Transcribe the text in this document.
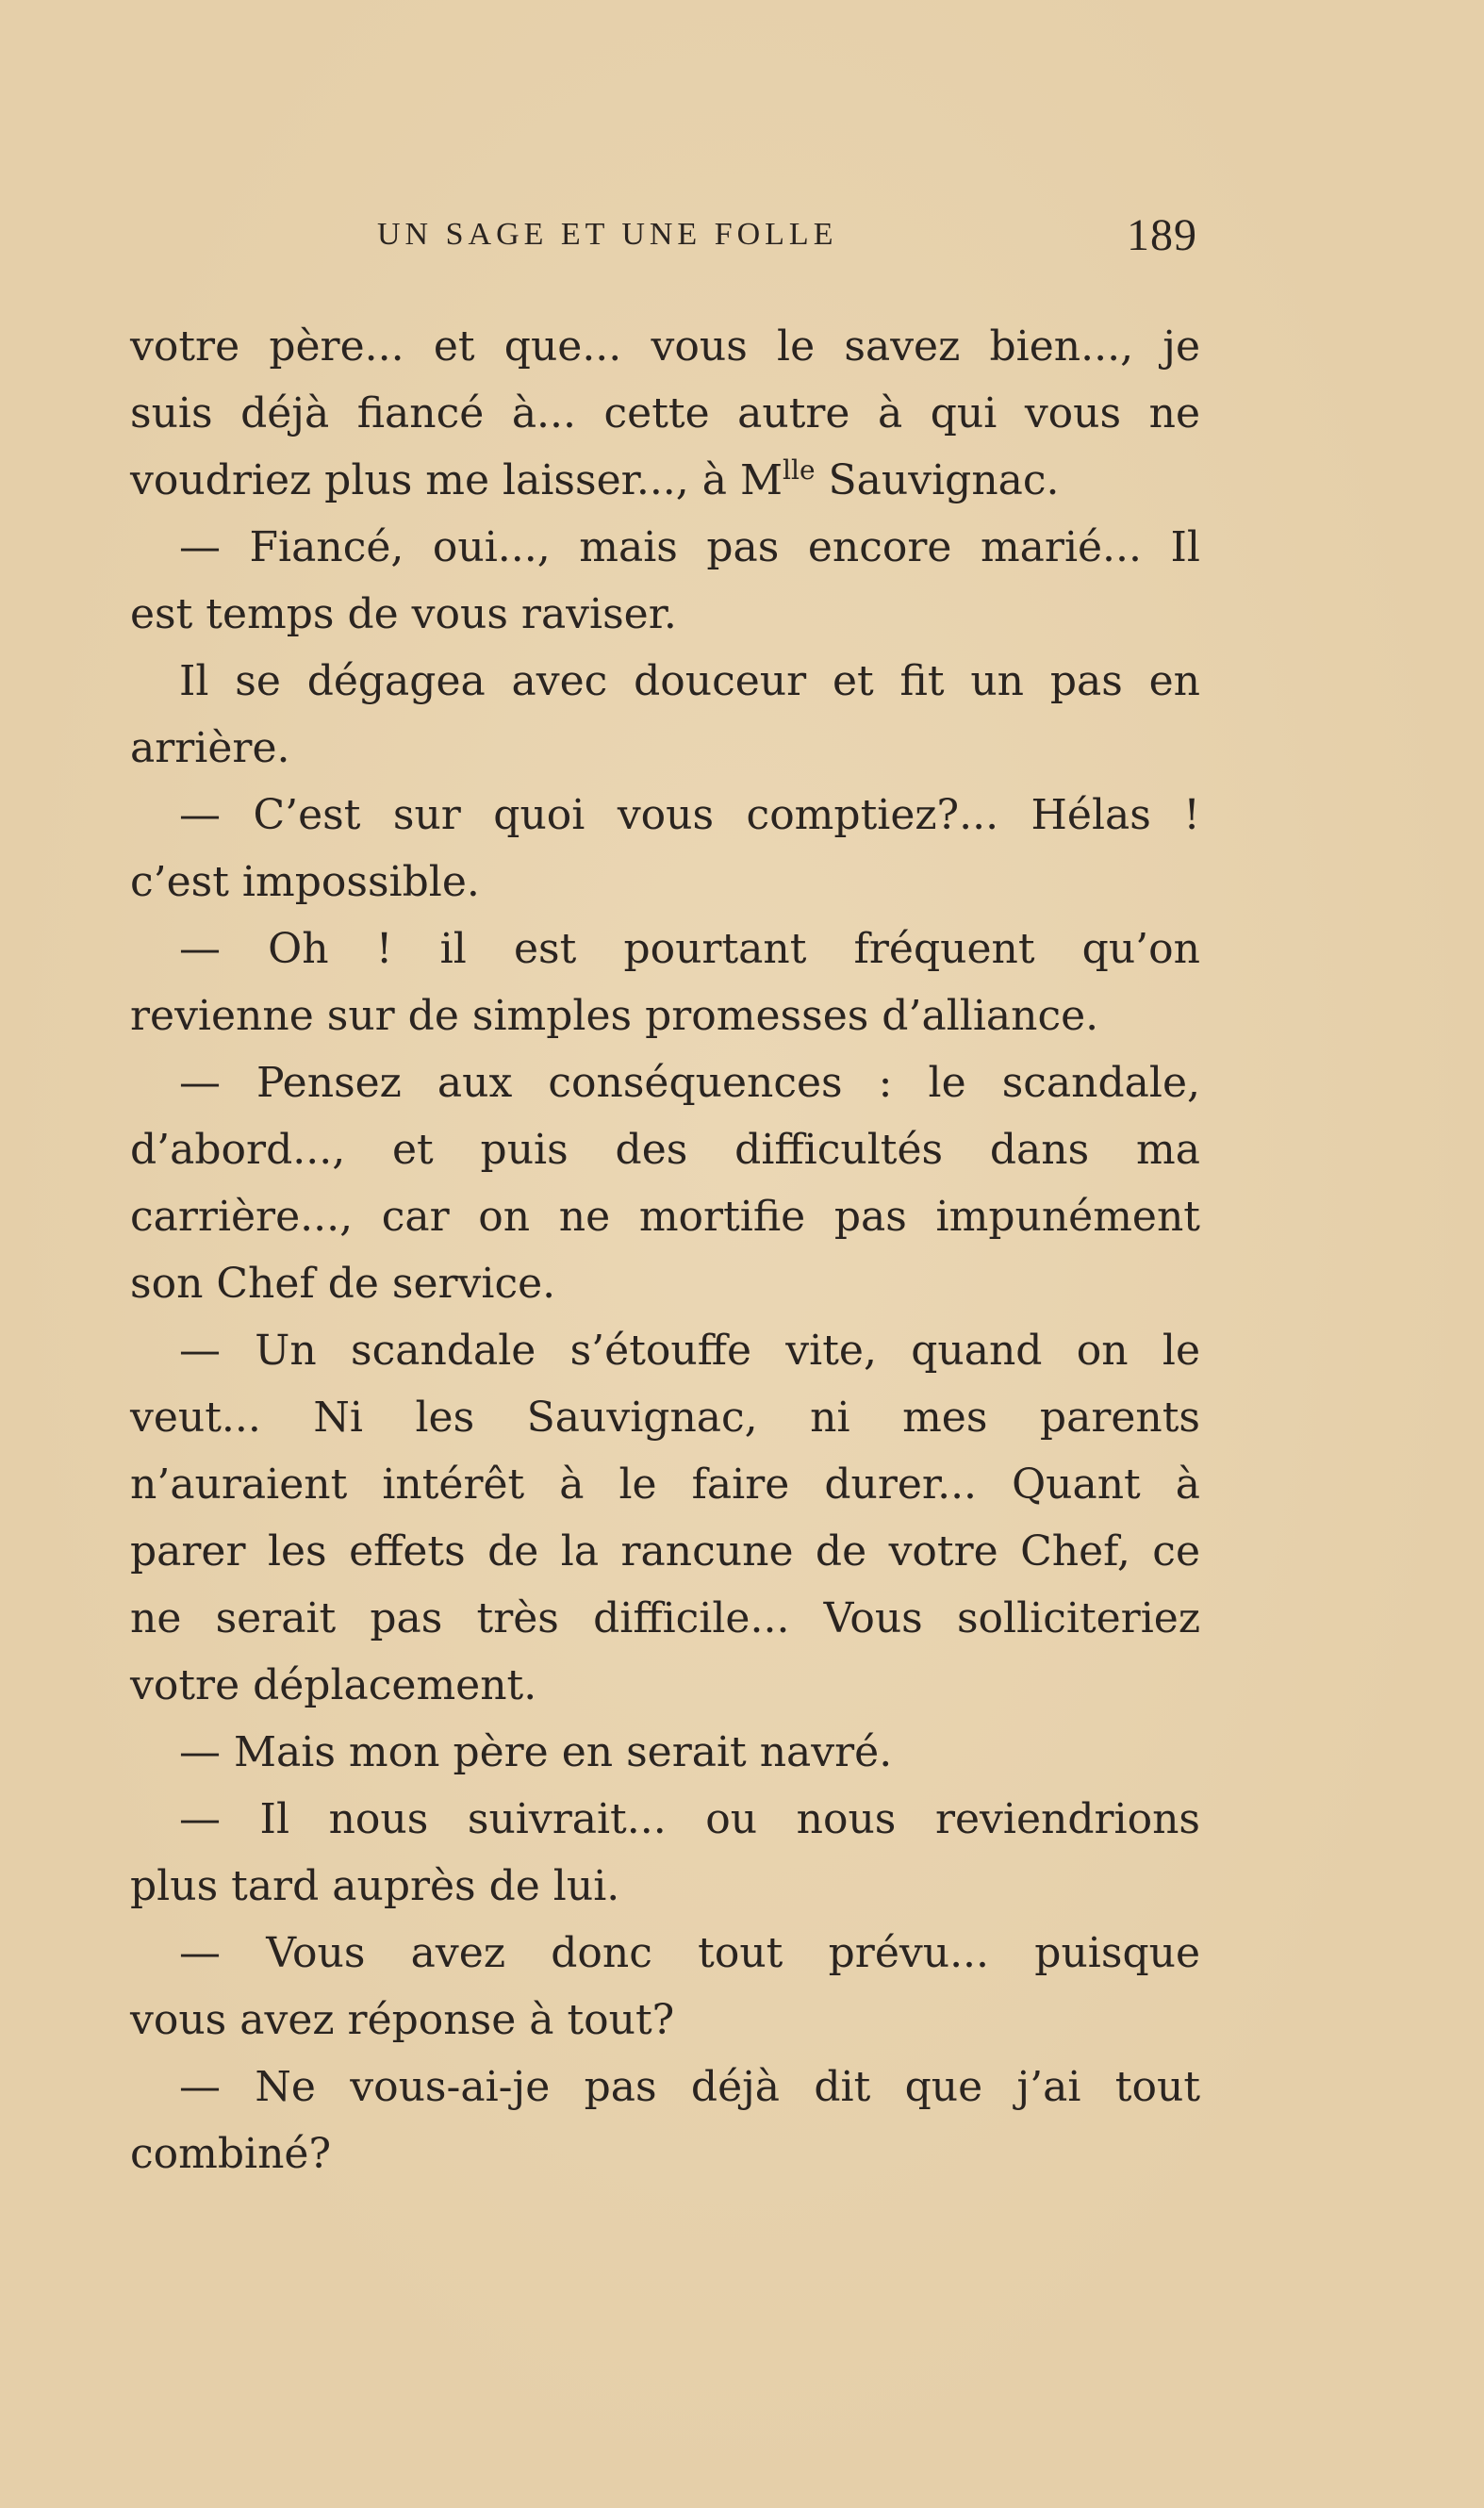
UN SAGE ET UNE FOLLE	189

votre père... et que... vous le savez bien..., je
suis déjà fiancé à... cette autre à qui vous ne
voudriez plus me laisser..., à $M^{lle}$ Sauvignac.

— Fiancé, oui..., mais pas encore marié... Il
est temps de vous raviser.

Il se dégagea avec douceur et fit un pas en
arrière.

— C’est sur quoi vous comptiez?... Hélas !
c’est impossible.

— Oh ! il est pourtant fréquent qu’on
revienne sur de simples promesses d’alliance.

— Pensez aux conséquences : le scandale,
d’abord..., et puis des difficultés dans ma
carrière..., car on ne mortifie pas impunément
son Chef de service.

— Un scandale s’étouffe vite, quand on le
veut... Ni les Sauvignac, ni mes parents
n’auraient intérêt à le faire durer... Quant à
parer les effets de la rancune de votre Chef, ce
ne serait pas très difficile... Vous solliciteriez
votre déplacement.

— Mais mon père en serait navré.

— Il nous suivrait... ou nous reviendrions
plus tard auprès de lui.

— Vous avez donc tout prévu... puisque
vous avez réponse à tout?

— Ne vous-ai-je pas déjà dit que j’ai tout
combiné?
